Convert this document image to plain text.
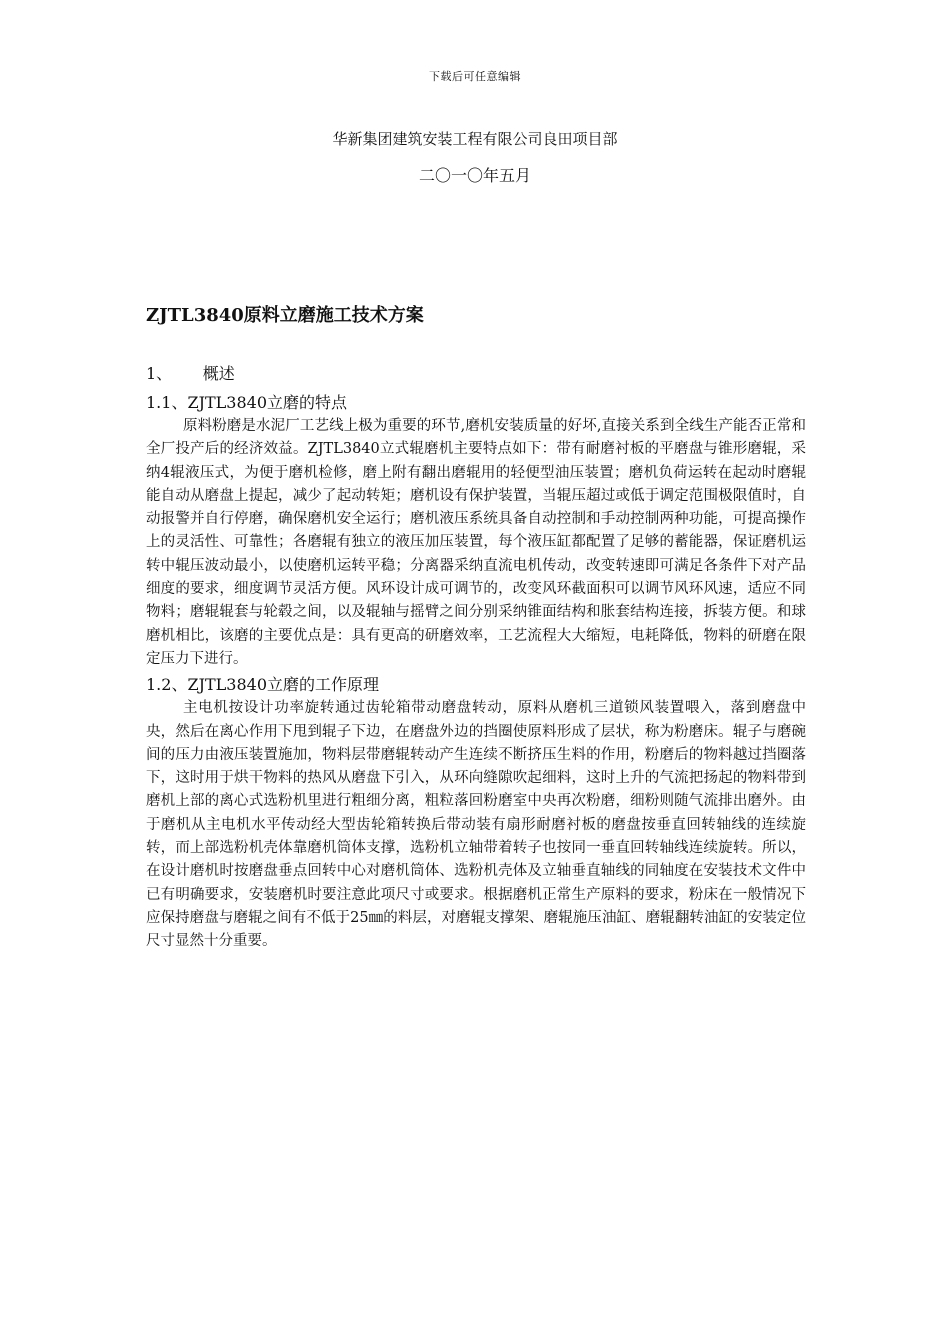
下载后可任意编辑
华新集团建筑安装工程有限公司良田项目部
二〇一〇年五月
ZJTL3840原料立磨施工技术方案
1、 概述
1.1、ZJTL3840立磨的特点

原料粉磨是水泥厂工艺线上极为重要的环节,磨机安装质量的好坏,直接关系到全线生产能否正常和全厂投产后的经济效益。ZJTL3840立式辊磨机主要特点如下：带有耐磨衬板的平磨盘与锥形磨辊，采纳4辊液压式，为便于磨机检修，磨上附有翻出磨辊用的轻便型油压装置；磨机负荷运转在起动时磨辊能自动从磨盘上提起，减少了起动转矩；磨机设有保护装置，当辊压超过或低于调定范围极限值时，自动报警并自行停磨，确保磨机安全运行；磨机液压系统具备自动控制和手动控制两种功能，可提高操作上的灵活性、可靠性；各磨辊有独立的液压加压装置，每个液压缸都配置了足够的蓄能器，保证磨机运转中辊压波动最小，以使磨机运转平稳；分离器采纳直流电机传动，改变转速即可满足各条件下对产品细度的要求，细度调节灵活方便。风环设计成可调节的，改变风环截面积可以调节风环风速，适应不同物料；磨辊辊套与轮毂之间，以及辊轴与摇臂之间分别采纳锥面结构和胀套结构连接，拆装方便。和球磨机相比，该磨的主要优点是：具有更高的研磨效率，工艺流程大大缩短，电耗降低，物料的研磨在限定压力下进行。

1.2、ZJTL3840立磨的工作原理

主电机按设计功率旋转通过齿轮箱带动磨盘转动，原料从磨机三道锁风装置喂入，落到磨盘中央，然后在离心作用下甩到辊子下边，在磨盘外边的挡圈使原料形成了层状，称为粉磨床。辊子与磨碗间的压力由液压装置施加，物料层带磨辊转动产生连续不断挤压生料的作用，粉磨后的物料越过挡圈落下，这时用于烘干物料的热风从磨盘下引入，从环向缝隙吹起细料，这时上升的气流把扬起的物料带到磨机上部的离心式选粉机里进行粗细分离，粗粒落回粉磨室中央再次粉磨，细粉则随气流排出磨外。由于磨机从主电机水平传动经大型齿轮箱转换后带动装有扇形耐磨衬板的磨盘按垂直回转轴线的连续旋转，而上部选粉机壳体靠磨机筒体支撑，选粉机立轴带着转子也按同一垂直回转轴线连续旋转。所以，在设计磨机时按磨盘垂点回转中心对磨机筒体、选粉机壳体及立轴垂直轴线的同轴度在安装技术文件中已有明确要求，安装磨机时要注意此项尺寸或要求。根据磨机正常生产原料的要求，粉床在一般情况下应保持磨盘与磨辊之间有不低于25㎜的料层，对磨辊支撑架、磨辊施压油缸、磨辊翻转油缸的安装定位尺寸显然十分重要。
